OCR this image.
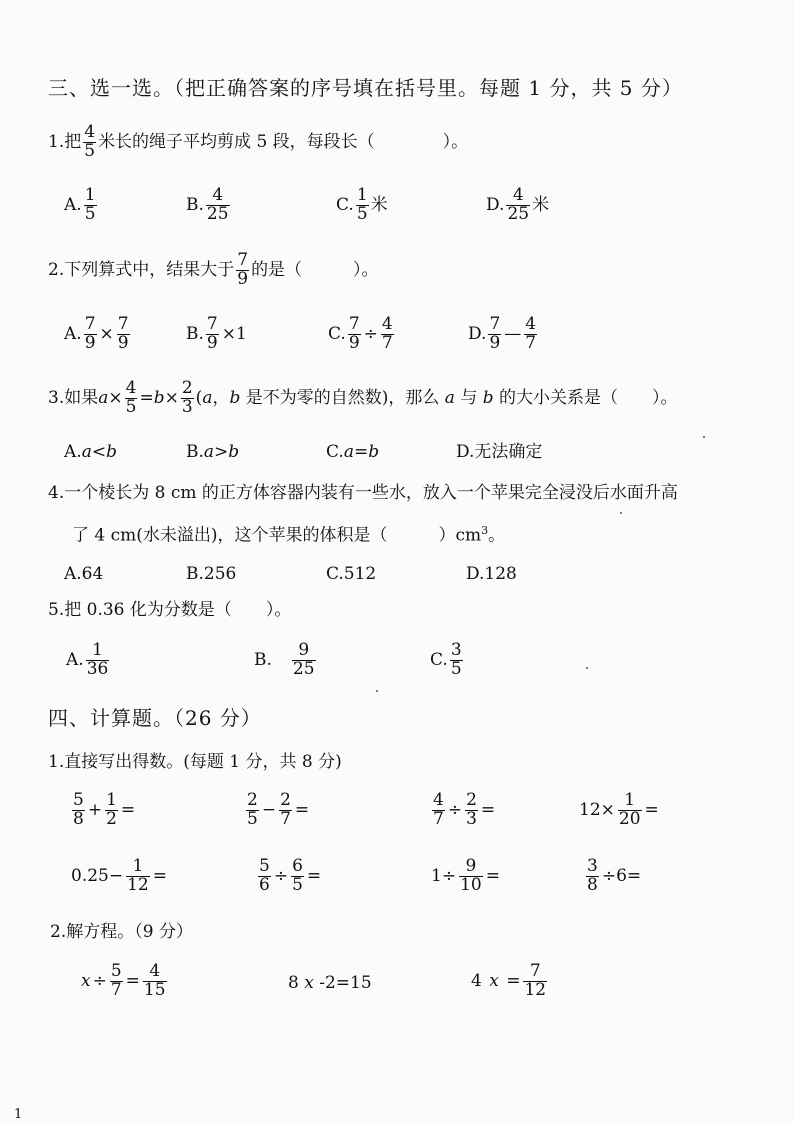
三、选一选。（把正确答案的序号填在括号里。每题 1 分，共 5 分）
1.把 $\frac{4}{5}$ 米长的绳子平均剪成 5 段，每段长（　　　　）。
A. $\frac{1}{5}$	B. $\frac{4}{25}$	C. $\frac{1}{5}$ 米	D. $\frac{4}{25}$ 米
2.下列算式中，结果大于 $\frac{7}{9}$ 的是（　　　）。
A. $\frac{7}{9} \times \frac{7}{9}$	B. $\frac{7}{9} \times 1$	C. $\frac{7}{9} \div \frac{4}{7}$	D. $\frac{7}{9}$ — $\frac{4}{7}$
3.如果$a\times \frac{4}{5} =b\times \frac{2}{3} (a$，b 是不为零的自然数)，那么 a 与 b 的大小关系是（　　）。
A.a<b	B.a>b	C.a=b	D.无法确定
4.一个棱长为 8 cm 的正方体容器内装有一些水，放入一个苹果完全浸没后水面升高
了 4 cm(水未溢出)，这个苹果的体积是（　　　）$cm^3$。
A.64	B.256	C.512	D.128
5.把 0.36 化为分数是（　　）。
A. $\frac{1}{36}$	B. $\frac{9}{25}$	C. $\frac{3}{5}$
四、计算题。（26 分）
1.直接写出得数。(每题 1 分，共 8 分)
$\frac{5}{8} + \frac{1}{2}$ =	$\frac{2}{5} - \frac{2}{7}$ =	$\frac{4}{7} \div \frac{2}{3}$ =	$12\times \frac{1}{20}$ =
$0.25- \frac{1}{12}$ =	$\frac{5}{6} \div \frac{6}{5}$ =	$1\div \frac{9}{10}$ =	$\frac{3}{8} \div 6=$
2.解方程。（9 分）
$x \div \frac{5}{7} = \frac{4}{15}$	8 x -2=15	4 $x = \frac{7}{12}$
1
